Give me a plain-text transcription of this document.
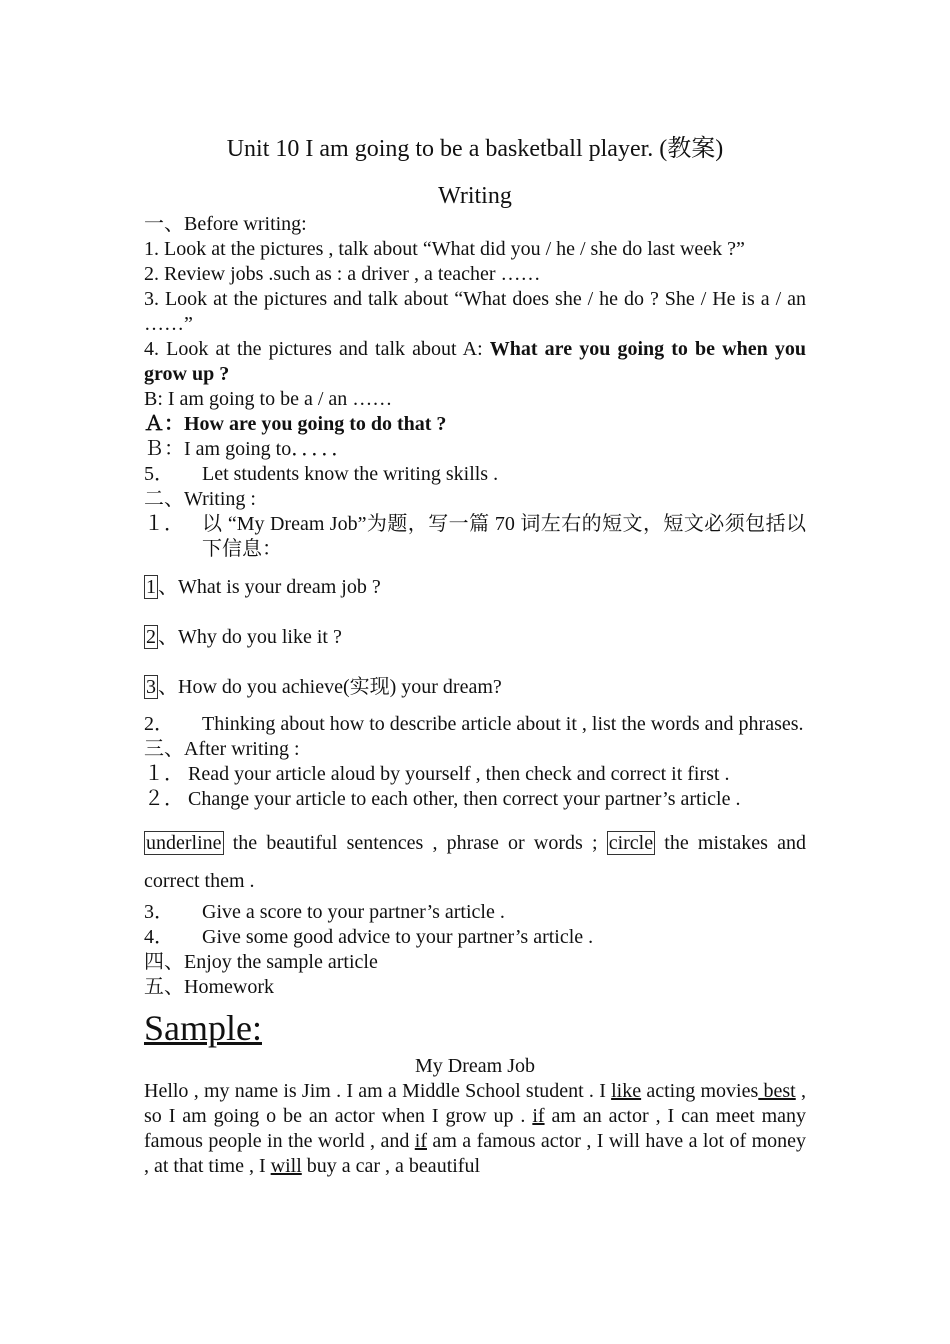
Unit 10 I am going to be a basketball player. (教案)

Writing

一、Before writing:

1. Look at the pictures , talk about “What did you / he / she do last week ?”

2. Review jobs .such as : a driver , a teacher ……

3. Look at the pictures and talk about “What does she / he do ? She / He is a / an ……”

4. Look at the pictures and talk about A: What are you going to be when you grow up ?

B: I am going to be a / an ……

Ａ：How are you going to do that ?

Ｂ：I am going to．．．．．

5．	Let students know the writing skills .

二、Writing :

１． 以 “My Dream Job”为题，写一篇 70 词左右的短文，短文必须包括以下信息：

1 、What is your dream job ?

2 、Why do you like it ?

3 、How do you achieve(实现) your dream?

2．	Thinking about how to describe article about it , list the words and phrases.

三、After writing :

１． Read your article aloud by yourself , then check and correct it first .
２． Change your article to each other, then correct your partner’s article .

underline the beautiful sentences , phrase or words ; circle the mistakes and correct them .

3．	Give a score to your partner’s article .
4．	Give some good advice to your partner’s article .

四、Enjoy the sample article

五、Homework

Sample:

My Dream Job

Hello , my name is Jim . I am a Middle School student . I like acting movies best , so I am going o be an actor when I grow up . if am an actor , I can meet many famous people in the world , and if am a famous actor , I will have a lot of money , at that time , I will buy a car , a beautiful
